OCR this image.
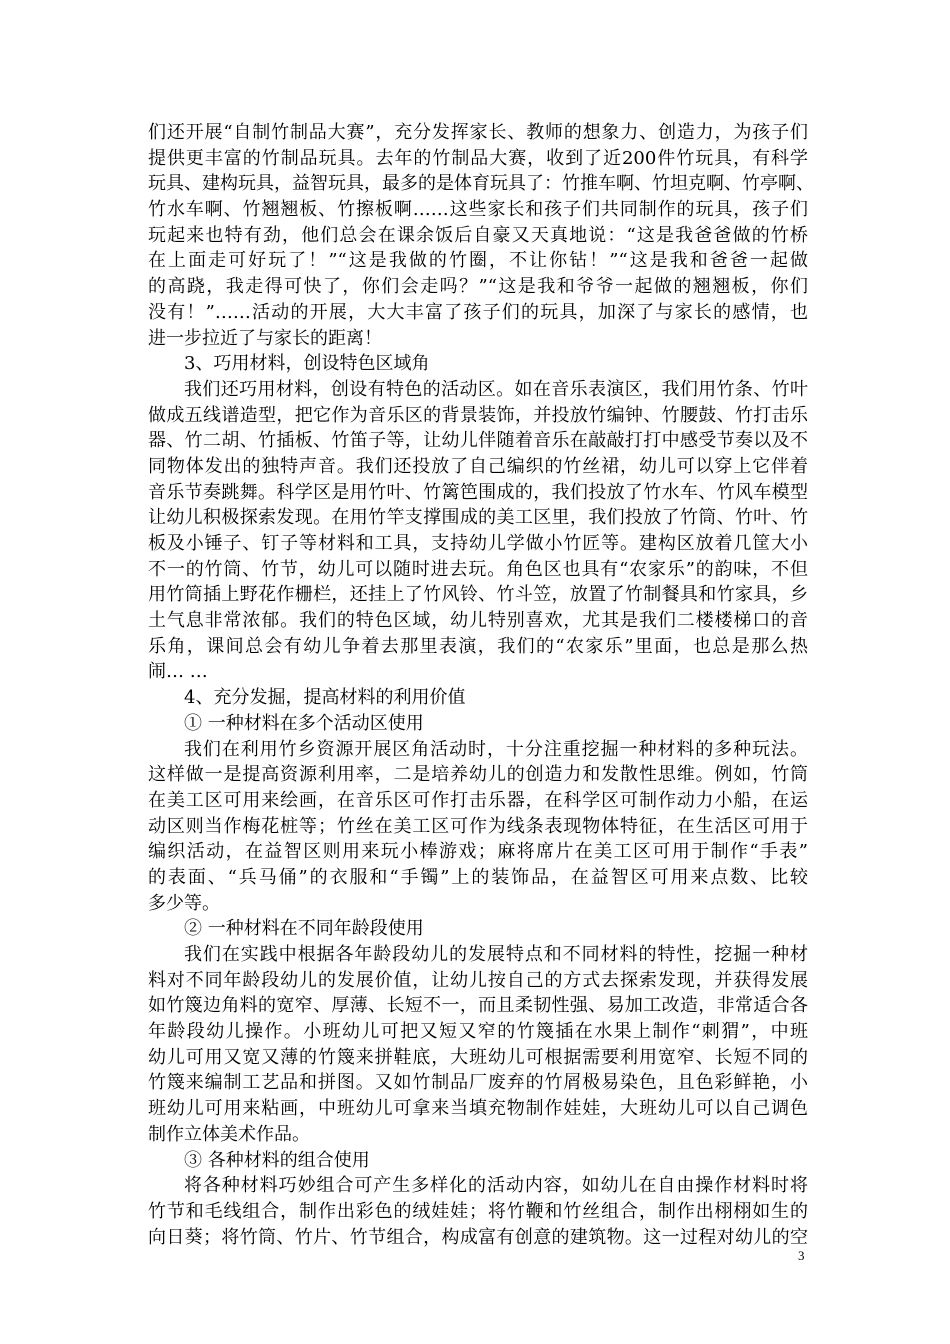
们还开展“自制竹制品大赛”，充分发挥家长、教师的想象力、创造力，为孩子们
提供更丰富的竹制品玩具。去年的竹制品大赛，收到了近200件竹玩具，有科学
玩具、建构玩具，益智玩具，最多的是体育玩具了：竹推车啊、竹坦克啊、竹亭啊、
竹水车啊、竹翘翘板、竹擦板啊……这些家长和孩子们共同制作的玩具，孩子们
玩起来也特有劲，他们总会在课余饭后自豪又天真地说：“这是我爸爸做的竹桥
在上面走可好玩了！”“这是我做的竹圈，不让你钻！”“这是我和爸爸一起做
的高跷，我走得可快了，你们会走吗？”“这是我和爷爷一起做的翘翘板，你们
没有！”……活动的开展，大大丰富了孩子们的玩具，加深了与家长的感情，也
进一步拉近了与家长的距离！
3、巧用材料，创设特色区域角
我们还巧用材料，创设有特色的活动区。如在音乐表演区，我们用竹条、竹叶
做成五线谱造型，把它作为音乐区的背景装饰，并投放竹编钟、竹腰鼓、竹打击乐
器、竹二胡、竹插板、竹笛子等，让幼儿伴随着音乐在敲敲打打中感受节奏以及不
同物体发出的独特声音。我们还投放了自己编织的竹丝裙，幼儿可以穿上它伴着
音乐节奏跳舞。科学区是用竹叶、竹篱笆围成的，我们投放了竹水车、竹风车模型
让幼儿积极探索发现。在用竹竿支撑围成的美工区里，我们投放了竹筒、竹叶、竹
板及小锤子、钉子等材料和工具，支持幼儿学做小竹匠等。建构区放着几筐大小
不一的竹筒、竹节，幼儿可以随时进去玩。角色区也具有“农家乐”的韵味，不但
用竹筒插上野花作栅栏，还挂上了竹风铃、竹斗笠，放置了竹制餐具和竹家具，乡
土气息非常浓郁。我们的特色区域，幼儿特别喜欢，尤其是我们二楼楼梯口的音
乐角，课间总会有幼儿争着去那里表演，我们的“农家乐”里面，也总是那么热
闹… …
4、充分发掘，提高材料的利用价值
① 一种材料在多个活动区使用
我们在利用竹乡资源开展区角活动时，十分注重挖掘一种材料的多种玩法。
这样做一是提高资源利用率，二是培养幼儿的创造力和发散性思维。例如，竹筒
在美工区可用来绘画，在音乐区可作打击乐器，在科学区可制作动力小船，在运
动区则当作梅花桩等；竹丝在美工区可作为线条表现物体特征，在生活区可用于
编织活动，在益智区则用来玩小棒游戏；麻将席片在美工区可用于制作“手表”
的表面、“兵马俑”的衣服和“手镯”上的装饰品，在益智区可用来点数、比较
多少等。
② 一种材料在不同年龄段使用
我们在实践中根据各年龄段幼儿的发展特点和不同材料的特性，挖掘一种材
料对不同年龄段幼儿的发展价值，让幼儿按自己的方式去探索发现，并获得发展
如竹篾边角料的宽窄、厚薄、长短不一，而且柔韧性强、易加工改造，非常适合各
年龄段幼儿操作。小班幼儿可把又短又窄的竹篾插在水果上制作“刺猬”，中班
幼儿可用又宽又薄的竹篾来拼鞋底，大班幼儿可根据需要利用宽窄、长短不同的
竹篾来编制工艺品和拼图。又如竹制品厂废弃的竹屑极易染色，且色彩鲜艳，小
班幼儿可用来粘画，中班幼儿可拿来当填充物制作娃娃，大班幼儿可以自己调色
制作立体美术作品。
③ 各种材料的组合使用
将各种材料巧妙组合可产生多样化的活动内容，如幼儿在自由操作材料时将
竹节和毛线组合，制作出彩色的绒娃娃；将竹鞭和竹丝组合，制作出栩栩如生的
向日葵；将竹筒、竹片、竹节组合，构成富有创意的建筑物。这一过程对幼儿的空
3
